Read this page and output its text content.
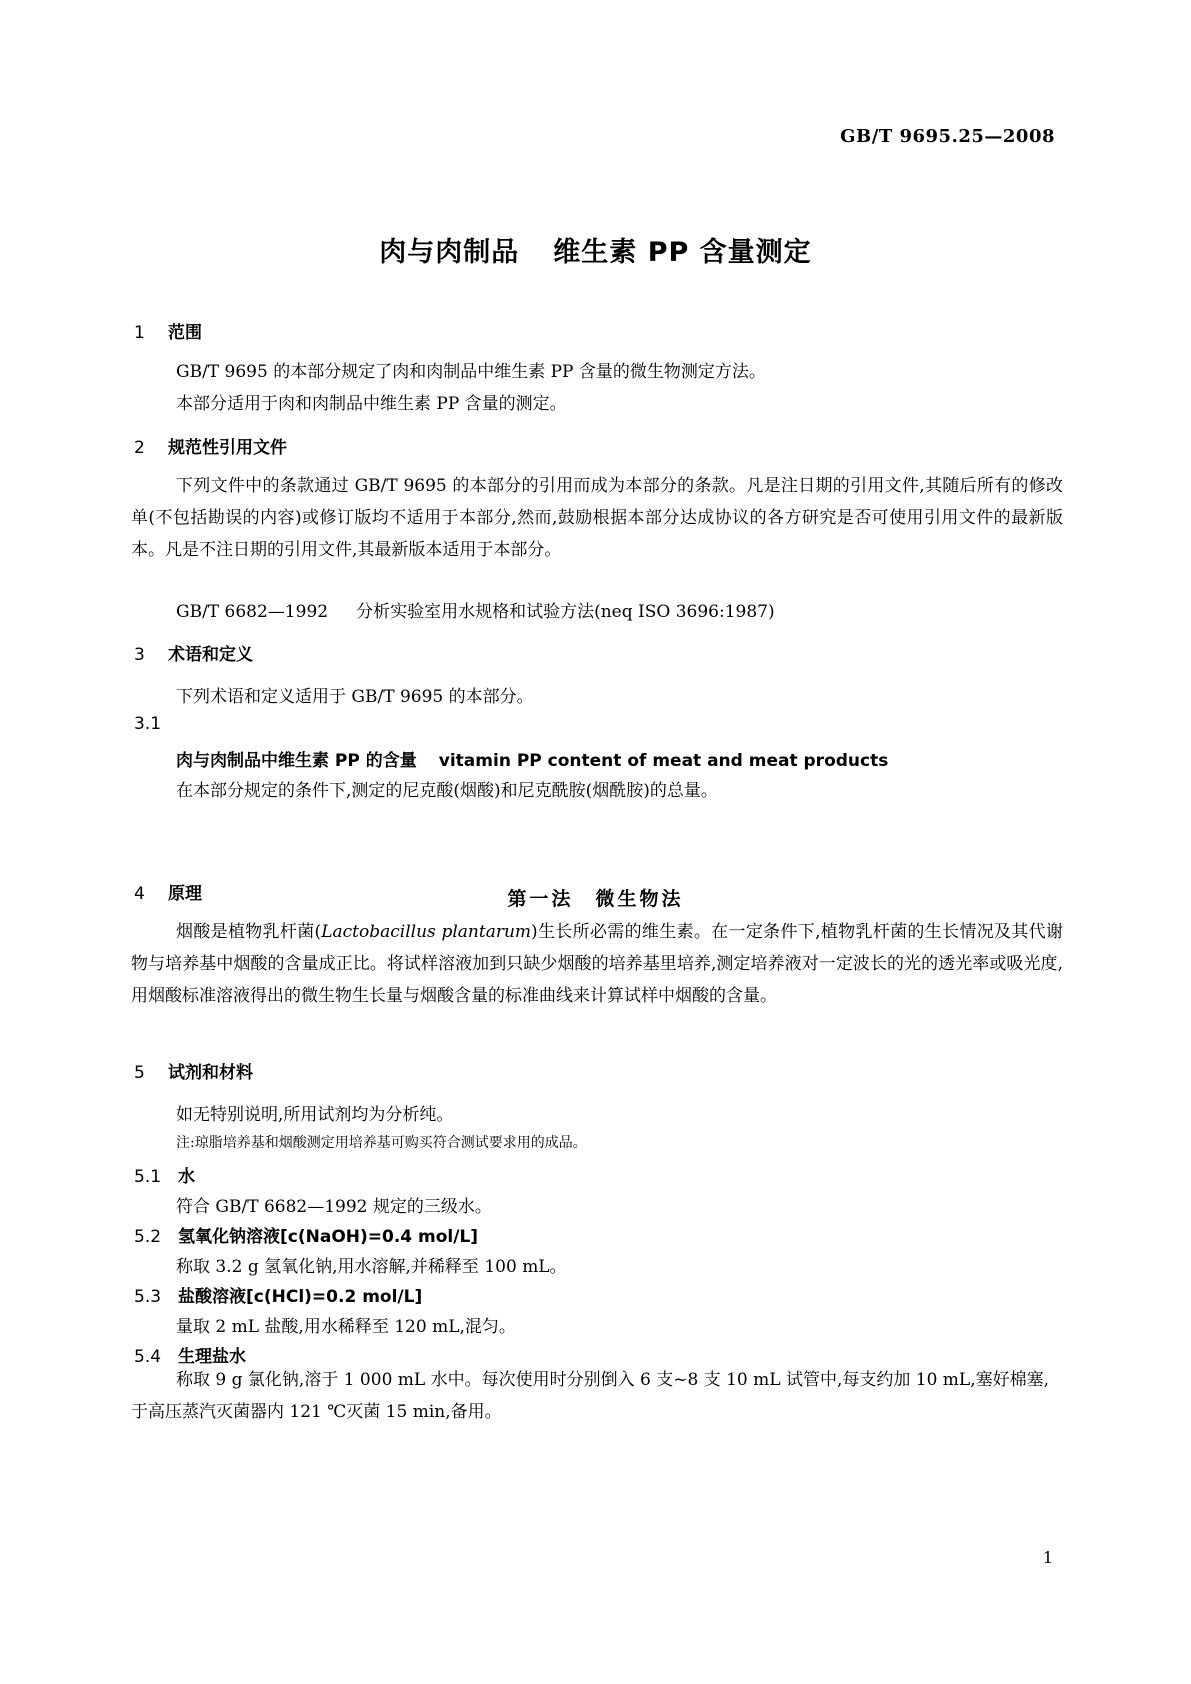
GB/T 9695.25—2008
肉与肉制品 维生素 PP 含量测定
1 范围
GB/T 9695 的本部分规定了肉和肉制品中维生素 PP 含量的微生物测定方法。
本部分适用于肉和肉制品中维生素 PP 含量的测定。
2 规范性引用文件
下列文件中的条款通过 GB/T 9695 的本部分的引用而成为本部分的条款。凡是注日期的引用文件,其随后所有的修改单(不包括勘误的内容)或修订版均不适用于本部分,然而,鼓励根据本部分达成协议的各方研究是否可使用引用文件的最新版本。凡是不注日期的引用文件,其最新版本适用于本部分。
GB/T 6682—1992 分析实验室用水规格和试验方法(neq ISO 3696:1987)
3 术语和定义
下列术语和定义适用于 GB/T 9695 的本部分。
3.1
肉与肉制品中维生素 PP 的含量 vitamin PP content of meat and meat products
在本部分规定的条件下,测定的尼克酸(烟酸)和尼克酰胺(烟酰胺)的总量。
第一法 微生物法
4 原理
烟酸是植物乳杆菌(Lactobacillus plantarum)生长所必需的维生素。在一定条件下,植物乳杆菌的生长情况及其代谢物与培养基中烟酸的含量成正比。将试样溶液加到只缺少烟酸的培养基里培养,测定培养液对一定波长的光的透光率或吸光度,用烟酸标准溶液得出的微生物生长量与烟酸含量的标准曲线来计算试样中烟酸的含量。
5 试剂和材料
如无特别说明,所用试剂均为分析纯。
注:琼脂培养基和烟酸测定用培养基可购买符合测试要求用的成品。
5.1 水
符合 GB/T 6682—1992 规定的三级水。
5.2 氢氧化钠溶液[c(NaOH)=0.4 mol/L]
称取 3.2 g 氢氧化钠,用水溶解,并稀释至 100 mL。
5.3 盐酸溶液[c(HCl)=0.2 mol/L]
量取 2 mL 盐酸,用水稀释至 120 mL,混匀。
5.4 生理盐水
称取 9 g 氯化钠,溶于 1 000 mL 水中。每次使用时分别倒入 6 支~8 支 10 mL 试管中,每支约加 10 mL,塞好棉塞,于高压蒸汽灭菌器内 121 ℃灭菌 15 min,备用。
1
